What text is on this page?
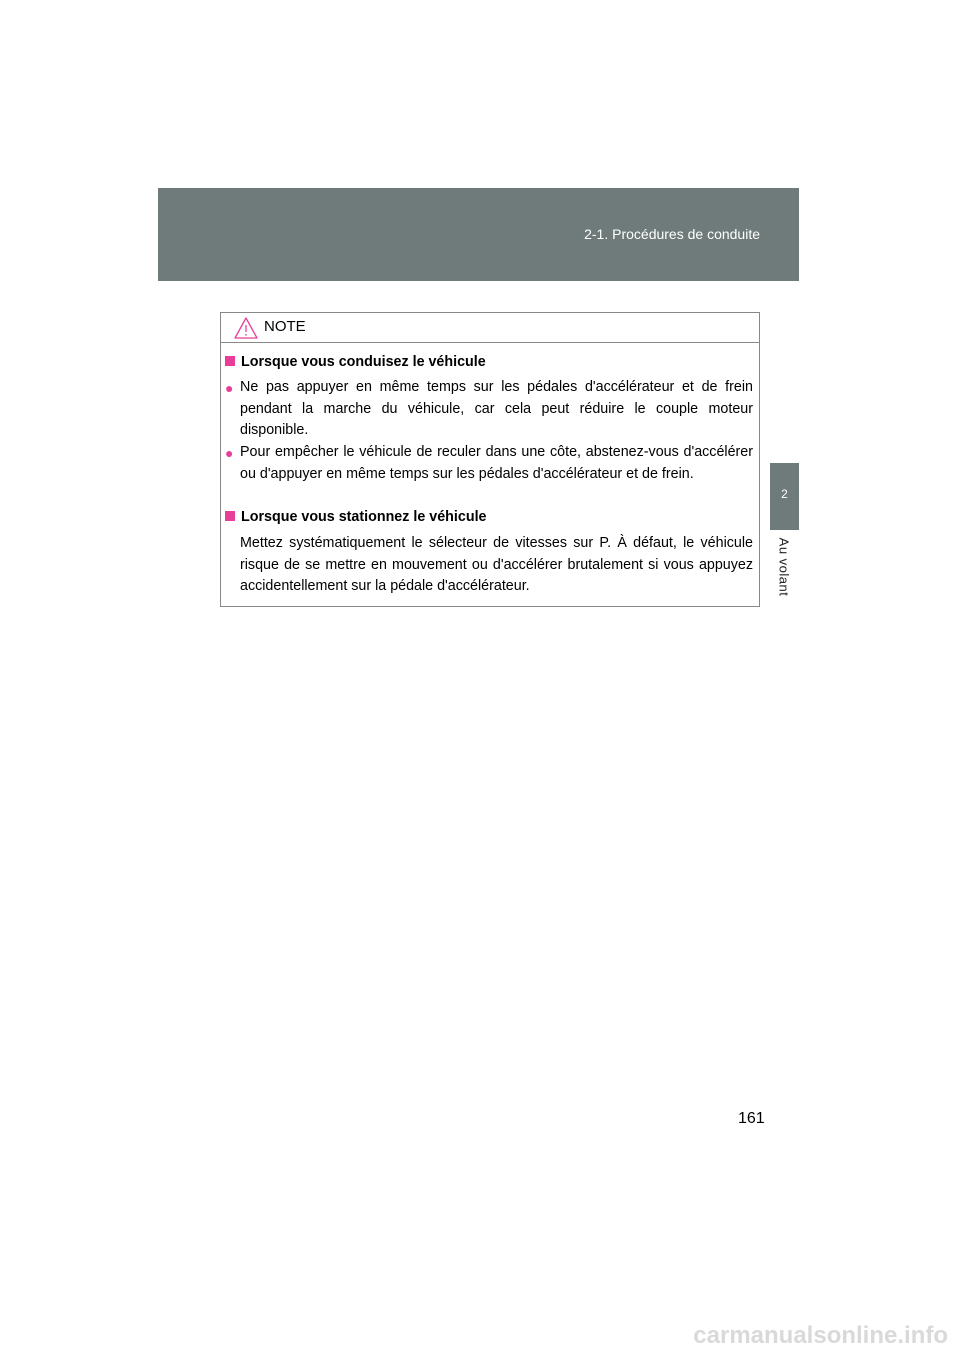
2-1. Procédures de conduite
2
Au volant
NOTE
Lorsque vous conduisez le véhicule
● Ne pas appuyer en même temps sur les pédales d'accélérateur et de frein pendant la marche du véhicule, car cela peut réduire le couple moteur disponible.
● Pour empêcher le véhicule de reculer dans une côte, abstenez-vous d'accélérer ou d'appuyer en même temps sur les pédales d'accélérateur et de frein.
Lorsque vous stationnez le véhicule
Mettez systématiquement le sélecteur de vitesses sur P. À défaut, le véhicule risque de se mettre en mouvement ou d'accélérer brutalement si vous appuyez accidentellement sur la pédale d'accélérateur.
161
carmanualsonline.info
